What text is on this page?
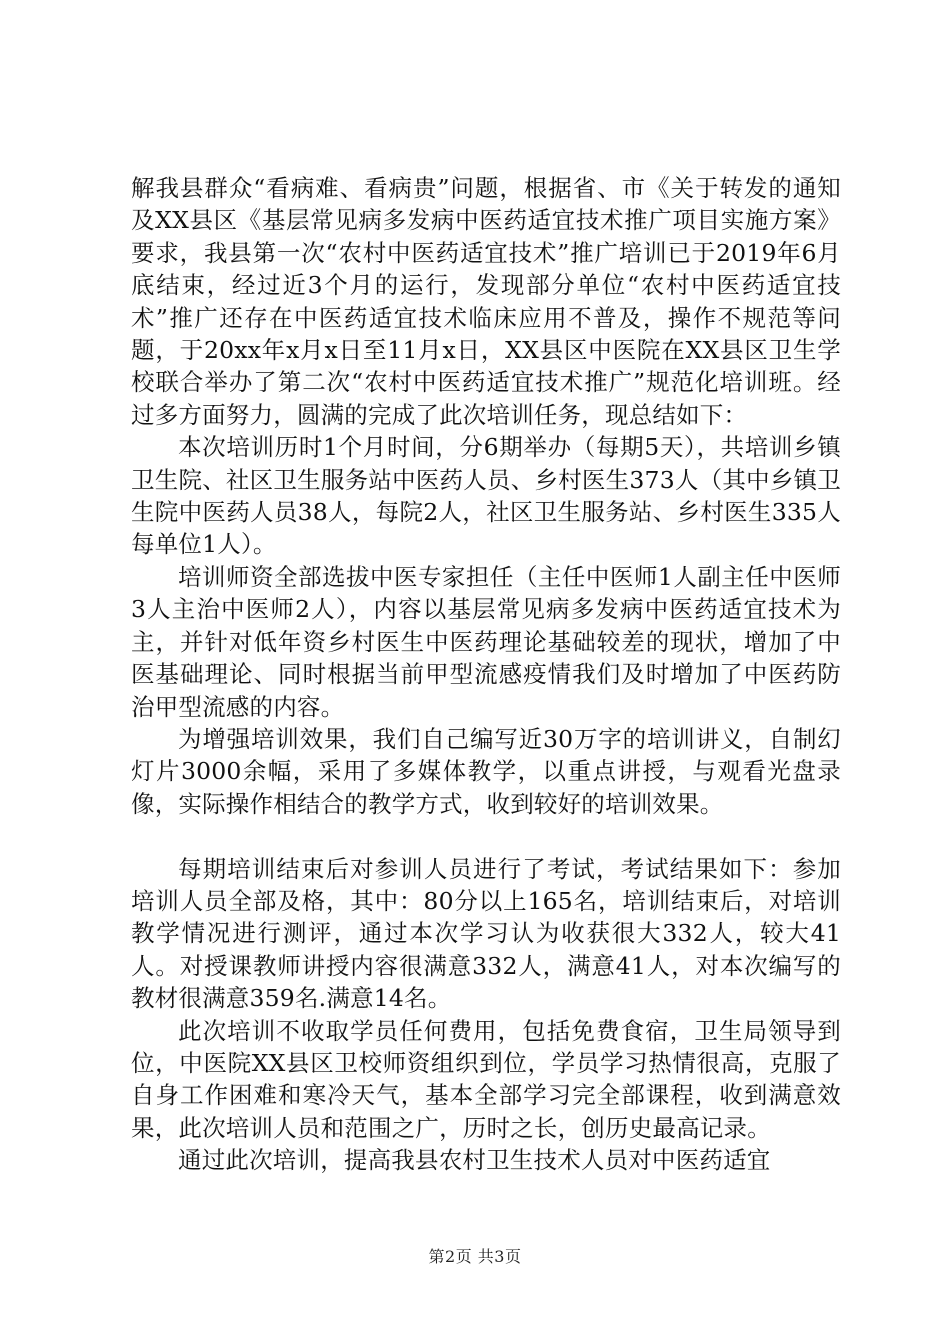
解我县群众“看病难、看病贵”问题，根据省、市《关于转发的通知及XX县区《基层常见病多发病中医药适宜技术推广项目实施方案》要求，我县第一次“农村中医药适宜技术”推广培训已于2019年6月底结束，经过近3个月的运行，发现部分单位“农村中医药适宜技术”推广还存在中医药适宜技术临床应用不普及，操作不规范等问题，于20xx年x月x日至11月x日，XX县区中医院在XX县区卫生学校联合举办了第二次“农村中医药适宜技术推广”规范化培训班。经过多方面努力，圆满的完成了此次培训任务，现总结如下：

本次培训历时1个月时间，分6期举办（每期5天），共培训乡镇卫生院、社区卫生服务站中医药人员、乡村医生373人（其中乡镇卫生院中医药人员38人，每院2人，社区卫生服务站、乡村医生335人每单位1人）。

培训师资全部选拔中医专家担任（主任中医师1人副主任中医师3人主治中医师2人），内容以基层常见病多发病中医药适宜技术为主，并针对低年资乡村医生中医药理论基础较差的现状，增加了中医基础理论、同时根据当前甲型流感疫情我们及时增加了中医药防治甲型流感的内容。

为增强培训效果，我们自己编写近30万字的培训讲义，自制幻灯片3000余幅，采用了多媒体教学，以重点讲授，与观看光盘录像，实际操作相结合的教学方式，收到较好的培训效果。

每期培训结束后对参训人员进行了考试，考试结果如下：参加培训人员全部及格，其中：80分以上165名，培训结束后，对培训教学情况进行测评，通过本次学习认为收获很大332人，较大41人。对授课教师讲授内容很满意332人，满意41人，对本次编写的教材很满意359名.满意14名。

此次培训不收取学员任何费用，包括免费食宿，卫生局领导到位，中医院XX县区卫校师资组织到位，学员学习热情很高，克服了自身工作困难和寒冷天气，基本全部学习完全部课程，收到满意效果，此次培训人员和范围之广，历时之长，创历史最高记录。

通过此次培训，提高我县农村卫生技术人员对中医药适宜

第2页 共3页
